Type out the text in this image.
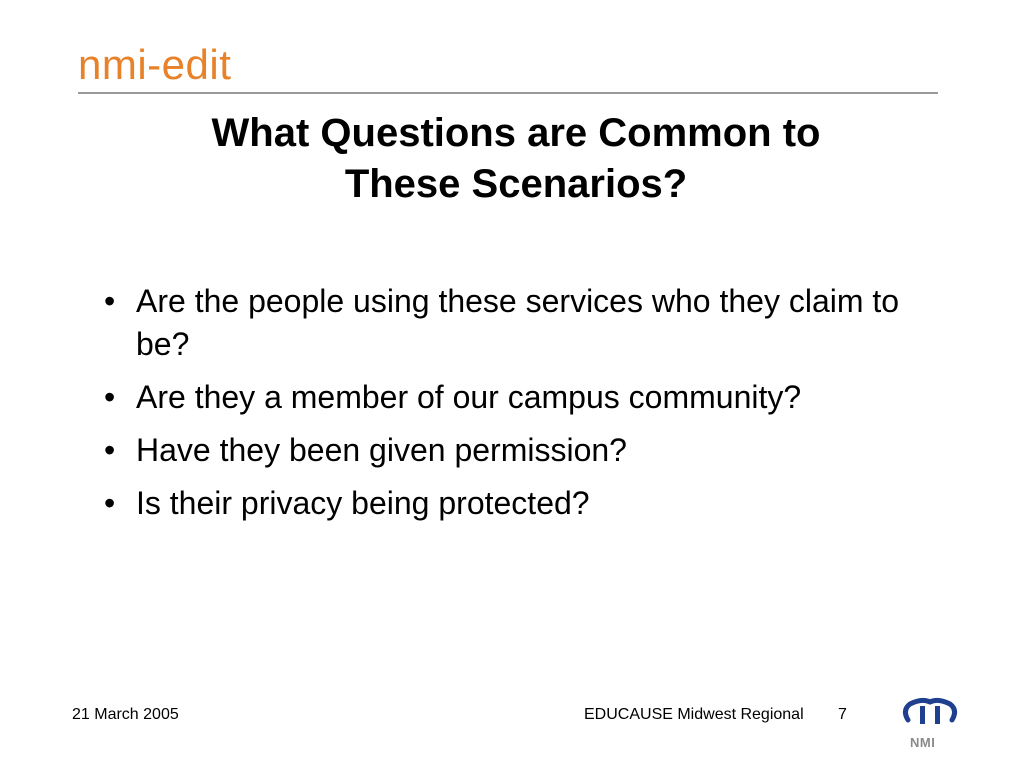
nmi-edit
What Questions are Common to
These Scenarios?
• Are the people using these services who they claim to be?
• Are they a member of our campus community?
• Have they been given permission?
• Is their privacy being protected?
21 March 2005	EDUCAUSE Midwest Regional 7
NMI
